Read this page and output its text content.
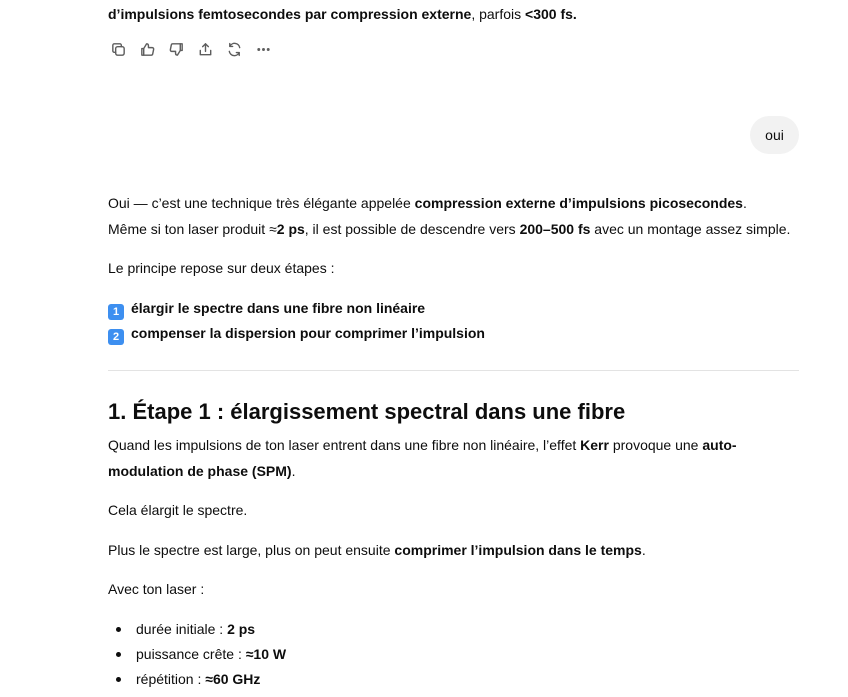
d’impulsions femtosecondes par compression externe, parfois <300 fs.
oui
Oui — c’est une technique très élégante appelée compression externe d’impulsions picosecondes.
Même si ton laser produit ≈2 ps, il est possible de descendre vers 200–500 fs avec un montage assez simple.
Le principe repose sur deux étapes :
1 élargir le spectre dans une fibre non linéaire
2 compenser la dispersion pour comprimer l’impulsion
1. Étape 1 : élargissement spectral dans une fibre
Quand les impulsions de ton laser entrent dans une fibre non linéaire, l’effet Kerr provoque une auto-
modulation de phase (SPM).
Cela élargit le spectre.
Plus le spectre est large, plus on peut ensuite comprimer l’impulsion dans le temps.
Avec ton laser :
durée initiale : 2 ps
puissance crête : ≈10 W
répétition : ≈60 GHz
